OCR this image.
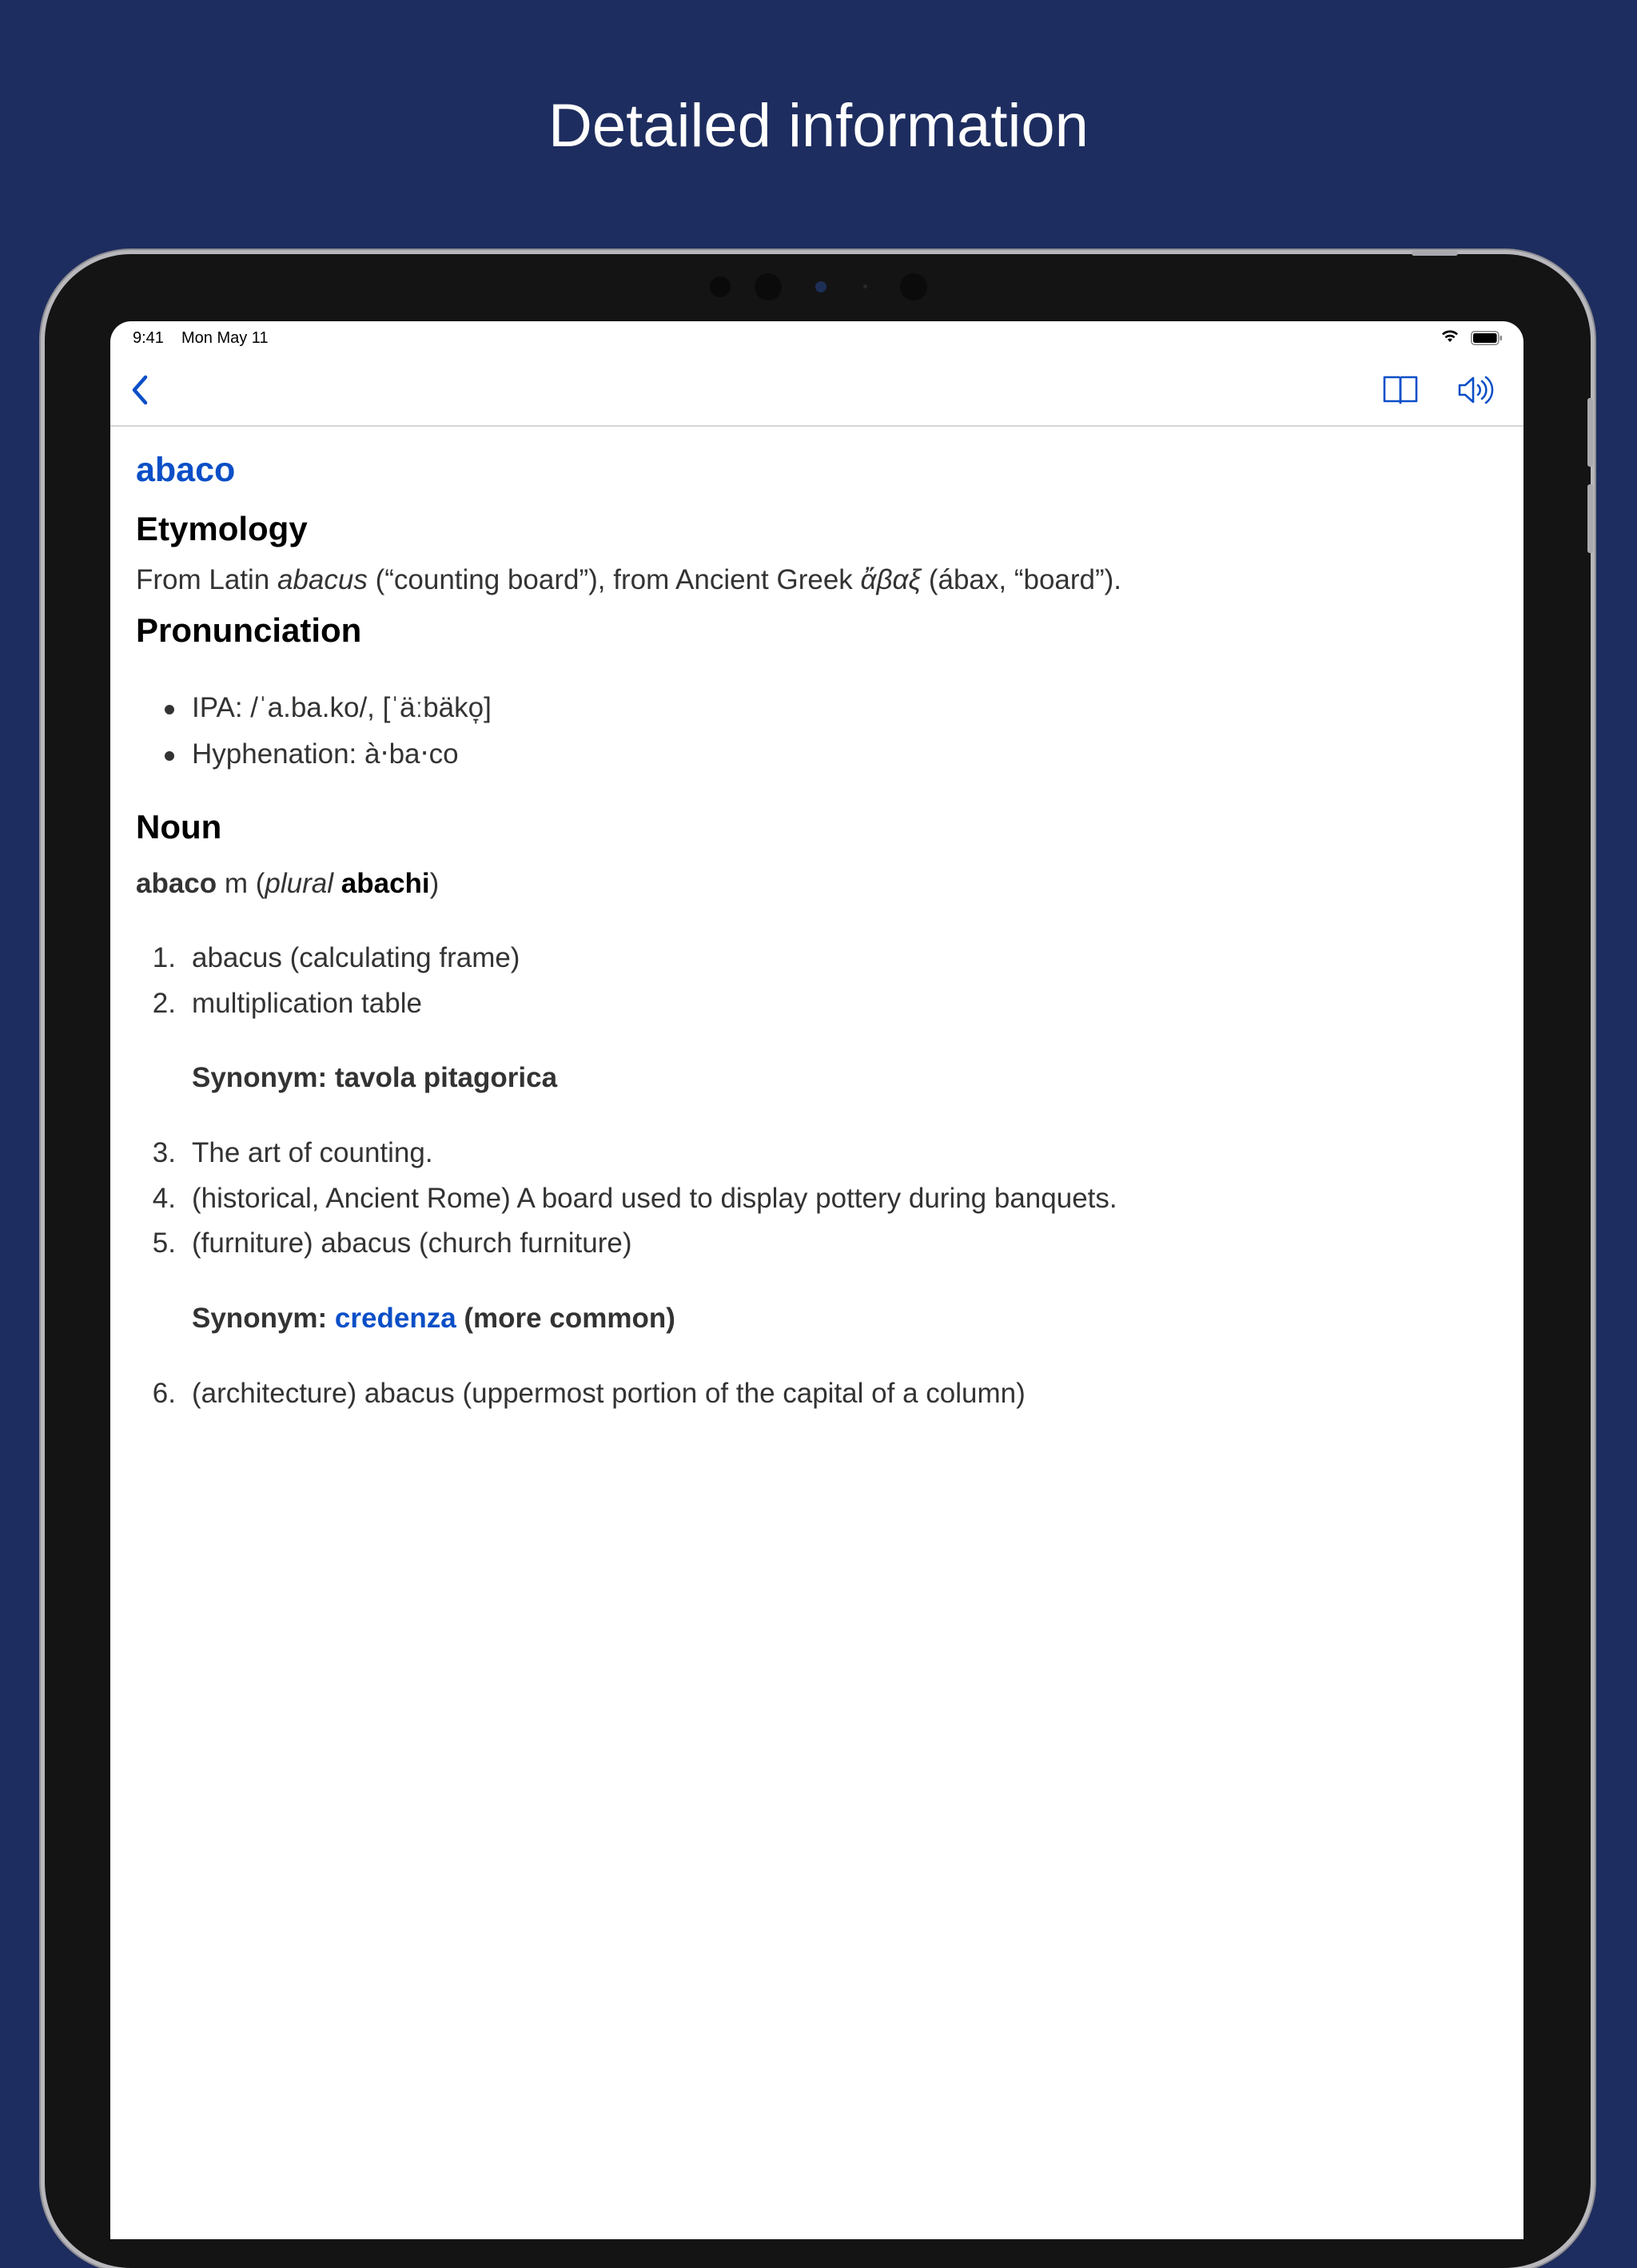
Detailed information
9:41 Mon May 11
abaco
Etymology

From Latin abacus (“counting board”), from Ancient Greek ἄβαξ (ábax, “board”).

Pronunciation
IPA: /ˈa.ba.ko/, [ˈäːbäko̞]
Hyphenation: à‧ba‧co
Noun

abaco m (plural abachi)

1. abacus (calculating frame)
2. multiplication table
Synonym: tavola pitagorica
3. The art of counting.
4. (historical, Ancient Rome) A board used to display pottery during banquets.
5. (furniture) abacus (church furniture)
Synonym: credenza (more common)
6. (architecture) abacus (uppermost portion of the capital of a column)
